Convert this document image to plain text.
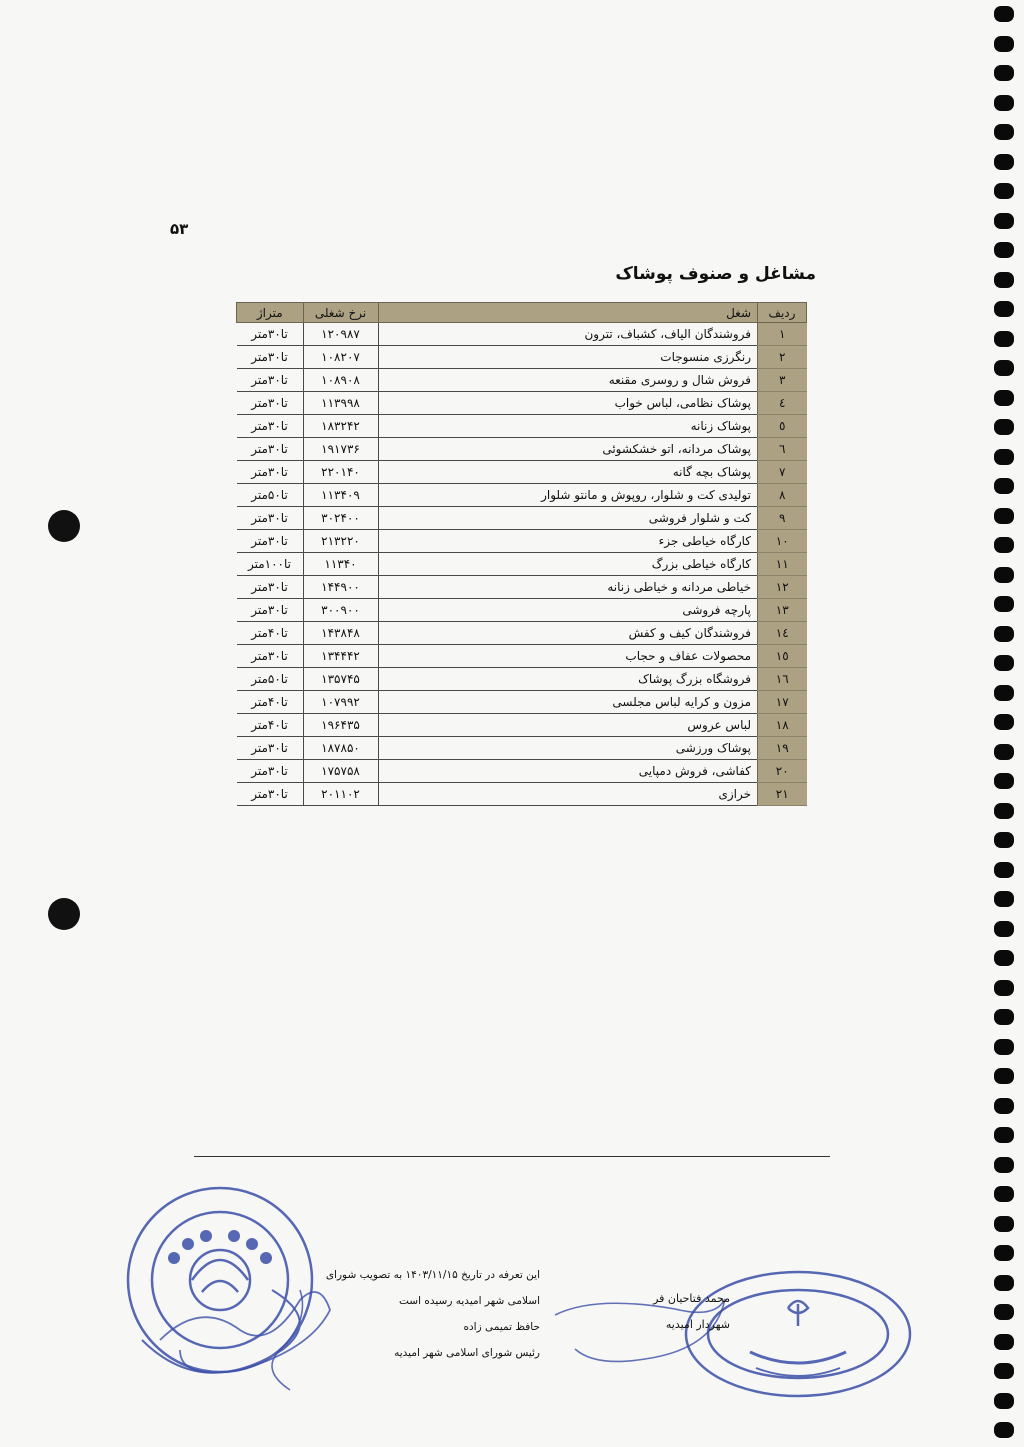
۵۳
مشاغل و صنوف پوشاک
ردیف	شغل	نرخ شغلی	متراژ
۱	فروشندگان الیاف، کشباف، تترون	۱۲۰۹۸۷	تا۳۰متر
۲	رنگرزی منسوجات	۱۰۸۲۰۷	تا۳۰متر
۳	فروش شال و روسری مقنعه	۱۰۸۹۰۸	تا۳۰متر
٤	پوشاک نظامی، لباس خواب	۱۱۳۹۹۸	تا۳۰متر
٥	پوشاک زنانه	۱۸۳۲۴۲	تا۳۰متر
٦	پوشاک مردانه، اتو خشکشوئی	۱۹۱۷۳۶	تا۳۰متر
۷	پوشاک بچه گانه	۲۲۰۱۴۰	تا۳۰متر
۸	تولیدی کت و شلوار، روپوش و مانتو شلوار	۱۱۳۴۰۹	تا۵۰متر
۹	کت و شلوار فروشی	۳۰۲۴۰۰	تا۳۰متر
۱۰	کارگاه خیاطی جزء	۲۱۳۲۲۰	تا۳۰متر
۱۱	کارگاه خیاطی بزرگ	۱۱۳۴۰	تا۱۰۰متر
۱۲	خیاطی مردانه و خیاطی زنانه	۱۴۴۹۰۰	تا۳۰متر
۱۳	پارچه فروشی	۳۰۰۹۰۰	تا۳۰متر
۱٤	فروشندگان کیف و کفش	۱۴۳۸۴۸	تا۴۰متر
۱٥	محصولات عفاف و حجاب	۱۳۴۴۴۲	تا۳۰متر
۱٦	فروشگاه بزرگ پوشاک	۱۳۵۷۴۵	تا۵۰متر
۱۷	مزون و کرایه لباس مجلسی	۱۰۷۹۹۲	تا۴۰متر
۱۸	لباس عروس	۱۹۶۴۳۵	تا۴۰متر
۱۹	پوشاک ورزشی	۱۸۷۸۵۰	تا۳۰متر
۲۰	کفاشی، فروش دمپایی	۱۷۵۷۵۸	تا۳۰متر
۲۱	خرازی	۲۰۱۱۰۲	تا۳۰متر
این تعرفه در تاریخ ۱۴۰۳/۱۱/۱۵ به تصویب شورای اسلامی شهر امیدیه رسیده است
حافظ تمیمی زاده
رئیس شورای اسلامی شهر امیدیه
محمد فتاحیان فر
شهردار امیدیه
